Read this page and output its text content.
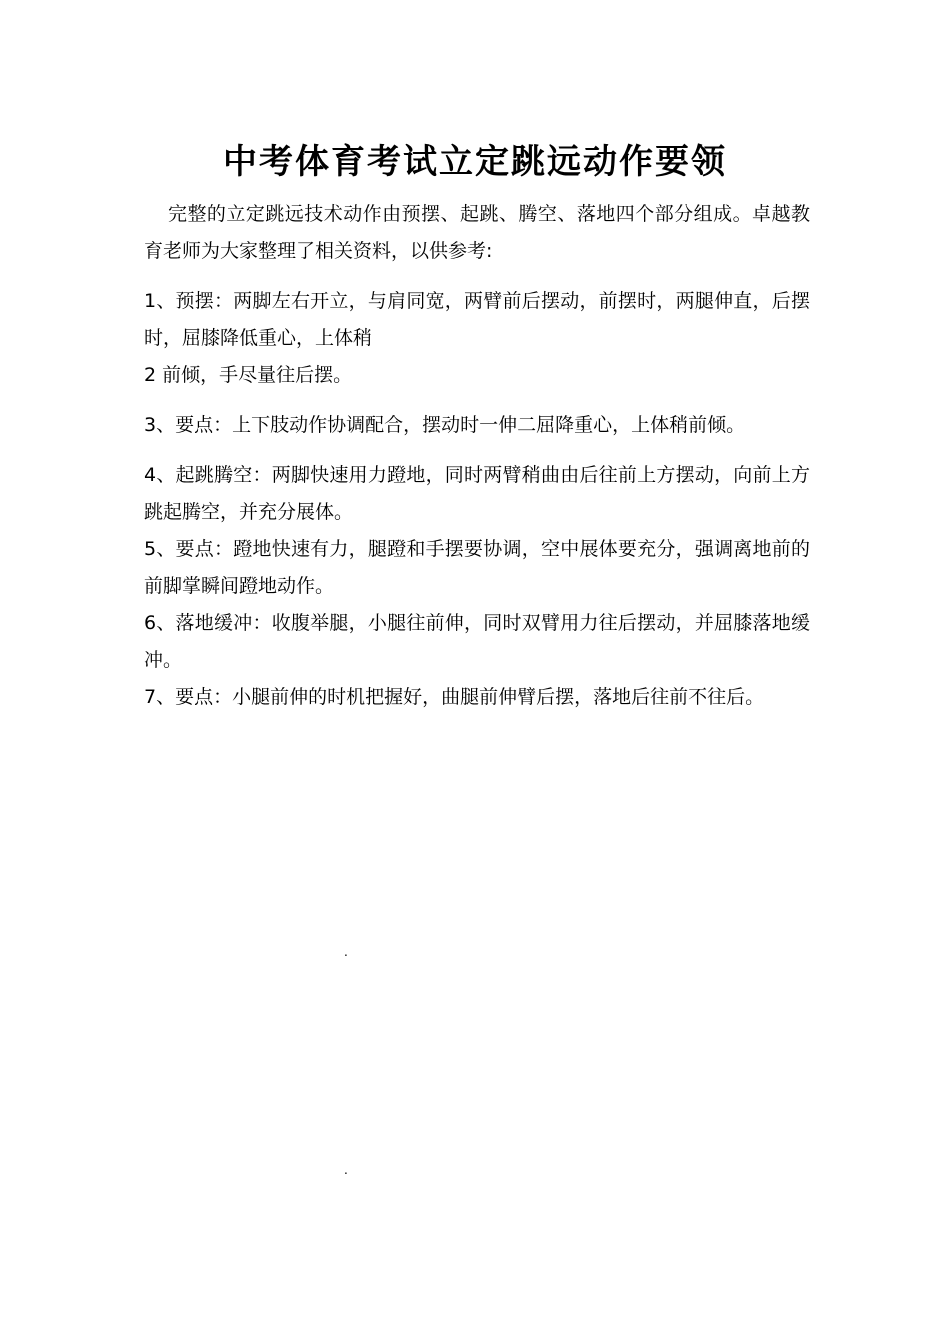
中考体育考试立定跳远动作要领

完整的立定跳远技术动作由预摆、起跳、腾空、落地四个部分组成。卓越教育老师为大家整理了相关资料，以供参考:

1、预摆：两脚左右开立，与肩同宽，两臂前后摆动，前摆时，两腿伸直，后摆时，屈膝降低重心，上体稍

2 前倾，手尽量往后摆。

3、要点：上下肢动作协调配合，摆动时一伸二屈降重心，上体稍前倾。

4、起跳腾空：两脚快速用力蹬地，同时两臂稍曲由后往前上方摆动，向前上方跳起腾空，并充分展体。

5、要点：蹬地快速有力，腿蹬和手摆要协调，空中展体要充分，强调离地前的前脚掌瞬间蹬地动作。

6、落地缓冲：收腹举腿，小腿往前伸，同时双臂用力往后摆动，并屈膝落地缓冲。

7、要点：小腿前伸的时机把握好，曲腿前伸臂后摆，落地后往前不往后。

.
.
